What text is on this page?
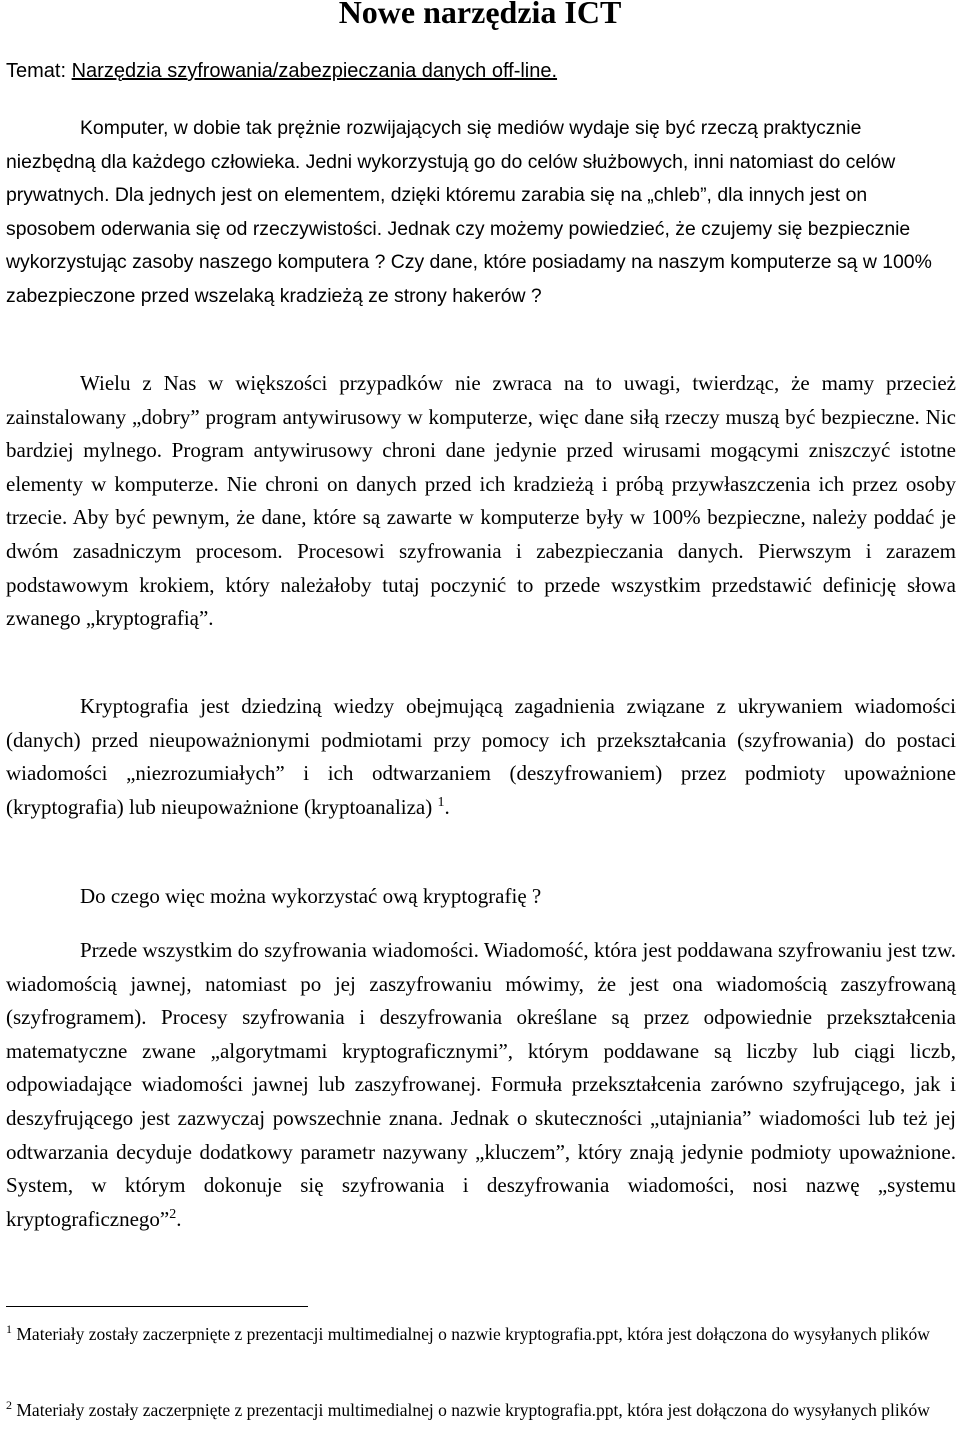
Nowe narzędzia ICT
Temat: Narzędzia szyfrowania/zabezpieczania danych off-line.

Komputer, w dobie tak prężnie rozwijających się mediów wydaje się być rzeczą praktycznie niezbędną dla każdego człowieka. Jedni wykorzystują go do celów służbowych, inni natomiast do celów prywatnych. Dla jednych jest on elementem, dzięki któremu zarabia się na „chleb”, dla innych jest on sposobem oderwania się od rzeczywistości. Jednak czy możemy powiedzieć, że czujemy się bezpiecznie wykorzystując zasoby naszego komputera ? Czy dane, które posiadamy na naszym komputerze są w 100% zabezpieczone przed wszelaką kradzieżą ze strony hakerów ?

Wielu z Nas w większości przypadków nie zwraca na to uwagi, twierdząc, że mamy przecież zainstalowany „dobry” program antywirusowy w komputerze, więc dane siłą rzeczy muszą być bezpieczne. Nic bardziej mylnego. Program antywirusowy chroni dane jedynie przed wirusami mogącymi zniszczyć istotne elementy w komputerze. Nie chroni on danych przed ich kradzieżą i próbą przywłaszczenia ich przez osoby trzecie. Aby być pewnym, że dane, które są zawarte w komputerze były w 100% bezpieczne, należy poddać je dwóm zasadniczym procesom. Procesowi szyfrowania i zabezpieczania danych. Pierwszym i zarazem podstawowym krokiem, który należałoby tutaj poczynić to przede wszystkim przedstawić definicję słowa zwanego „kryptografią”.

Kryptografia jest dziedziną wiedzy obejmującą zagadnienia związane z ukrywaniem wiadomości (danych) przed nieupoważnionymi podmiotami przy pomocy ich przekształcania (szyfrowania) do postaci wiadomości „niezrozumiałych” i ich odtwarzaniem (deszyfrowaniem) przez podmioty upoważnione (kryptografia) lub nieupoważnione (kryptoanaliza) $^1$.

Do czego więc można wykorzystać ową kryptografię ?

Przede wszystkim do szyfrowania wiadomości. Wiadomość, która jest poddawana szyfrowaniu jest tzw. wiadomością jawnej, natomiast po jej zaszyfrowaniu mówimy, że jest ona wiadomością zaszyfrowaną (szyfrogramem). Procesy szyfrowania i deszyfrowania określane są przez odpowiednie przekształcenia matematyczne zwane „algorytmami kryptograficznymi”, którym poddawane są liczby lub ciągi liczb, odpowiadające wiadomości jawnej lub zaszyfrowanej. Formuła przekształcenia zarówno szyfrującego, jak i deszyfrującego jest zazwyczaj powszechnie znana. Jednak o skuteczności „utajniania” wiadomości lub też jej odtwarzania decyduje dodatkowy parametr nazywany „kluczem”, który znają jedynie podmioty upoważnione. System, w którym dokonuje się szyfrowania i deszyfrowania wiadomości, nosi nazwę „systemu kryptograficznego”$^2$.

$^1$ Materiały zostały zaczerpnięte z prezentacji multimedialnej o nazwie kryptografia.ppt, która jest dołączona do wysyłanych plików

$^2$ Materiały zostały zaczerpnięte z prezentacji multimedialnej o nazwie kryptografia.ppt, która jest dołączona do wysyłanych plików
